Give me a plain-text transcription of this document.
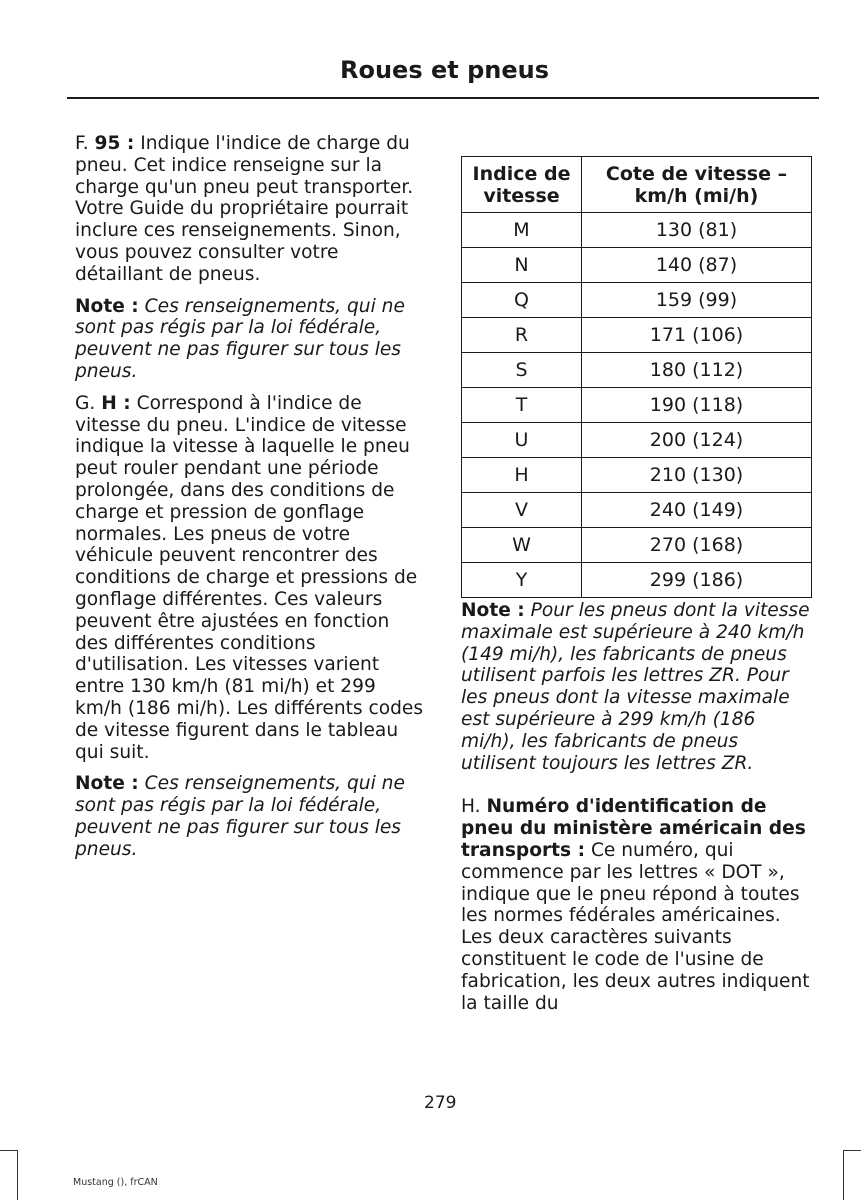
Roues et pneus

F. 95 : Indique l'indice de charge du pneu. Cet indice renseigne sur la charge qu'un pneu peut transporter. Votre Guide du propriétaire pourrait inclure ces renseignements. Sinon, vous pouvez consulter votre détaillant de pneus.

Note : Ces renseignements, qui ne sont pas régis par la loi fédérale, peuvent ne pas figurer sur tous les pneus.

G. H : Correspond à l'indice de vitesse du pneu. L'indice de vitesse indique la vitesse à laquelle le pneu peut rouler pendant une période prolongée, dans des conditions de charge et pression de gonflage normales. Les pneus de votre véhicule peuvent rencontrer des conditions de charge et pressions de gonflage différentes. Ces valeurs peuvent être ajustées en fonction des différentes conditions d'utilisation. Les vitesses varient entre 130 km/h (81 mi/h) et 299 km/h (186 mi/h). Les différents codes de vitesse figurent dans le tableau qui suit.

Note : Ces renseignements, qui ne sont pas régis par la loi fédérale, peuvent ne pas figurer sur tous les pneus.

Indice de vitesse	Cote de vitesse – km/h (mi/h)
M	130 (81)
N	140 (87)
Q	159 (99)
R	171 (106)
S	180 (112)
T	190 (118)
U	200 (124)
H	210 (130)
V	240 (149)
W	270 (168)
Y	299 (186)

Note : Pour les pneus dont la vitesse maximale est supérieure à 240 km/h (149 mi/h), les fabricants de pneus utilisent parfois les lettres ZR. Pour les pneus dont la vitesse maximale est supérieure à 299 km/h (186 mi/h), les fabricants de pneus utilisent toujours les lettres ZR.

H. Numéro d'identification de pneu du ministère américain des transports : Ce numéro, qui commence par les lettres « DOT », indique que le pneu répond à toutes les normes fédérales américaines. Les deux caractères suivants constituent le code de l'usine de fabrication, les deux autres indiquent la taille du

279
Mustang (), frCAN
